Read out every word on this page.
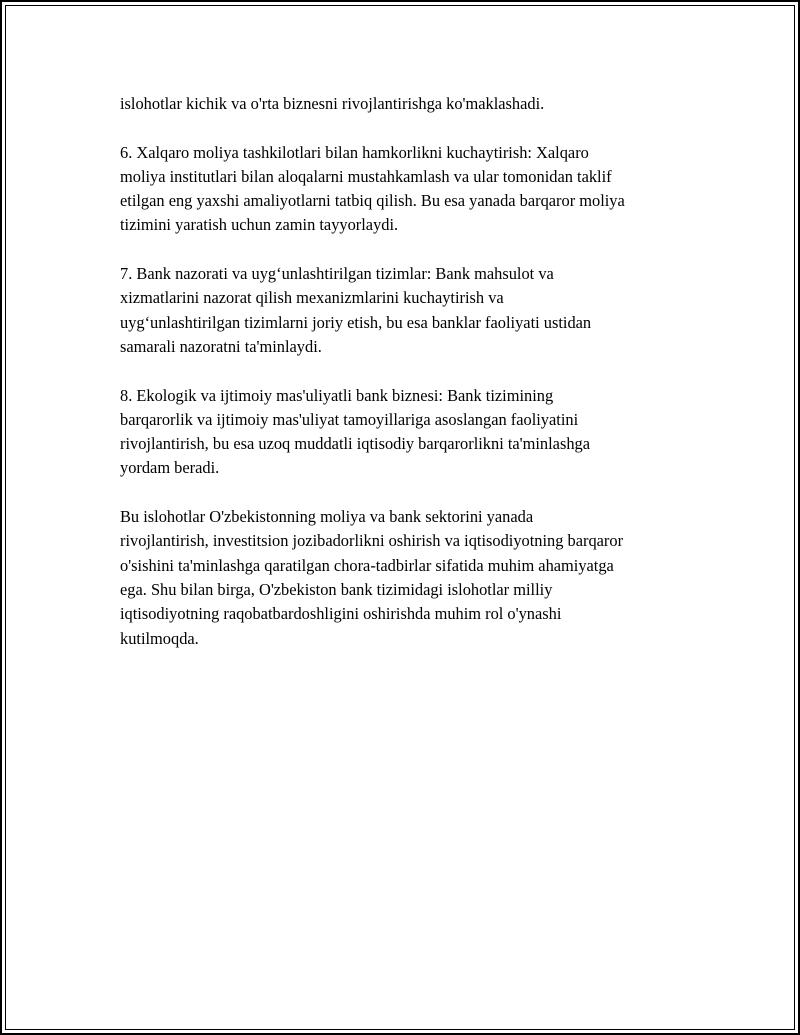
islohotlar kichik va o'rta biznesni rivojlantirishga ko'maklashadi.

6. Xalqaro moliya tashkilotlari bilan hamkorlikni kuchaytirish: Xalqaro
moliya institutlari bilan aloqalarni mustahkamlash va ular tomonidan taklif
etilgan eng yaxshi amaliyotlarni tatbiq qilish. Bu esa yanada barqaror moliya
tizimini yaratish uchun zamin tayyorlaydi.

7. Bank nazorati va uyg‘unlashtirilgan tizimlar: Bank mahsulot va
xizmatlarini nazorat qilish mexanizmlarini kuchaytirish va
uyg‘unlashtirilgan tizimlarni joriy etish, bu esa banklar faoliyati ustidan
samarali nazoratni ta'minlaydi.

8. Ekologik va ijtimoiy mas'uliyatli bank biznesi: Bank tizimining
barqarorlik va ijtimoiy mas'uliyat tamoyillariga asoslangan faoliyatini
rivojlantirish, bu esa uzoq muddatli iqtisodiy barqarorlikni ta'minlashga
yordam beradi.

Bu islohotlar O'zbekistonning moliya va bank sektorini yanada
rivojlantirish, investitsion jozibadorlikni oshirish va iqtisodiyotning barqaror
o'sishini ta'minlashga qaratilgan chora-tadbirlar sifatida muhim ahamiyatga
ega. Shu bilan birga, O'zbekiston bank tizimidagi islohotlar milliy
iqtisodiyotning raqobatbardoshligini oshirishda muhim rol o'ynashi
kutilmoqda.
